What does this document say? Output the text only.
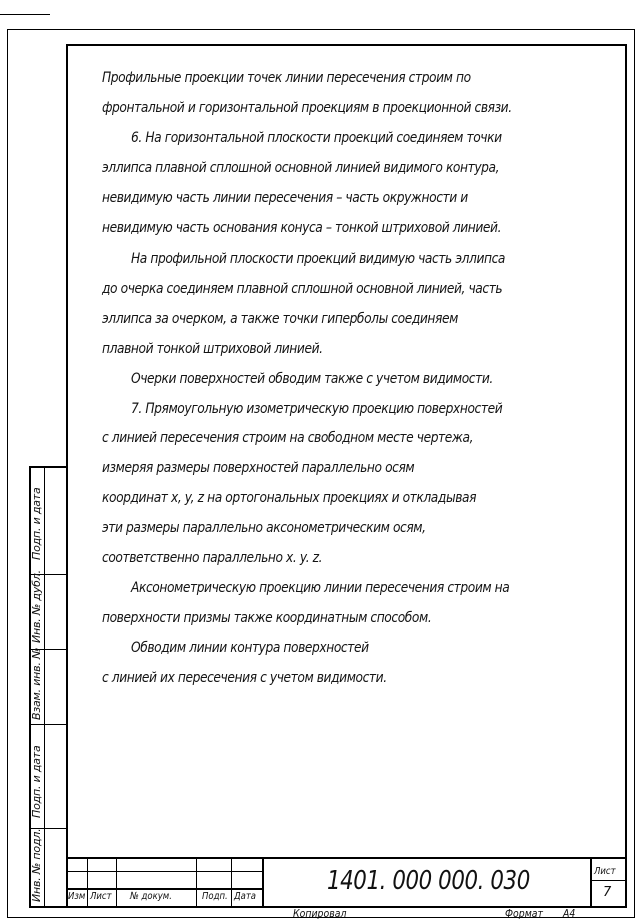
Профильные проекции точек линии пересечения строим по
фронтальной и горизонтальной проекциям в проекционной связи.
6. На горизонтальной плоскости проекций соединяем точки
эллипса плавной сплошной основной линией видимого контура,
невидимую часть линии пересечения – часть окружности и
невидимую часть основания конуса – тонкой штриховой линией.
На профильной плоскости проекций видимую часть эллипса
до очерка соединяем плавной сплошной основной линией, часть
эллипса за очерком, а также точки гиперболы соединяем
плавной тонкой штриховой линией.
Очерки поверхностей обводим также с учетом видимости.
7. Прямоугольную изометрическую проекцию поверхностей
с линией пересечения строим на свободном месте чертежа,
измеряя размеры поверхностей параллельно осям
координат x, y, z на ортогональных проекциях и откладывая
эти размеры параллельно аксонометрическим осям,
соответственно параллельно x. y. z.
Аксонометрическую проекцию линии пересечения строим на
поверхности призмы также координатным способом.
Обводим линии контура поверхностей
с линией их пересечения с учетом видимости.
Подп. и дата
Инв. № дубл.
Взам. инв. №
Подп. и дата
Инв. № подл.	Изм Лист № докум.	Подп. Дата
1401. 000 000. 030	Лист
7
Копировал	Формат А4
